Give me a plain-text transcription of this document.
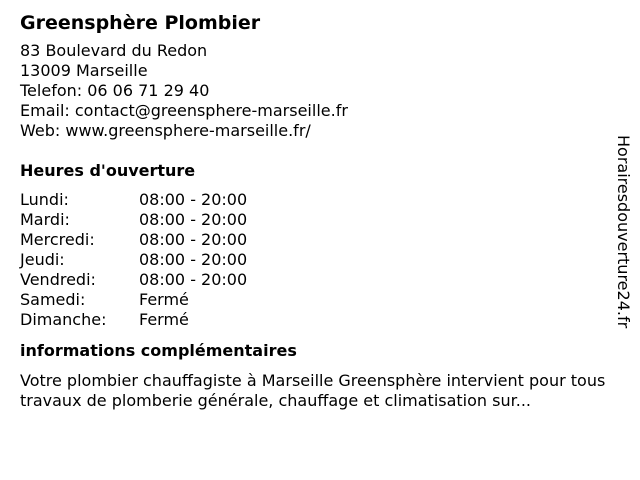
Greensphère Plombier
83 Boulevard du Redon
13009 Marseille
Telefon: 06 06 71 29 40
Email: contact@greensphere-marseille.fr
Web: www.greensphere-marseille.fr/
Heures d'ouverture
Lundi:	08:00 - 20:00
Mardi:	08:00 - 20:00
Mercredi:	08:00 - 20:00
Jeudi:	08:00 - 20:00
Vendredi:	08:00 - 20:00
Samedi:	Fermé
Dimanche:	Fermé
informations complémentaires
Votre plombier chauffagiste à Marseille Greensphère intervient pour tous travaux de plomberie générale, chauffage et climatisation sur...
Horairesdouverture24.fr
